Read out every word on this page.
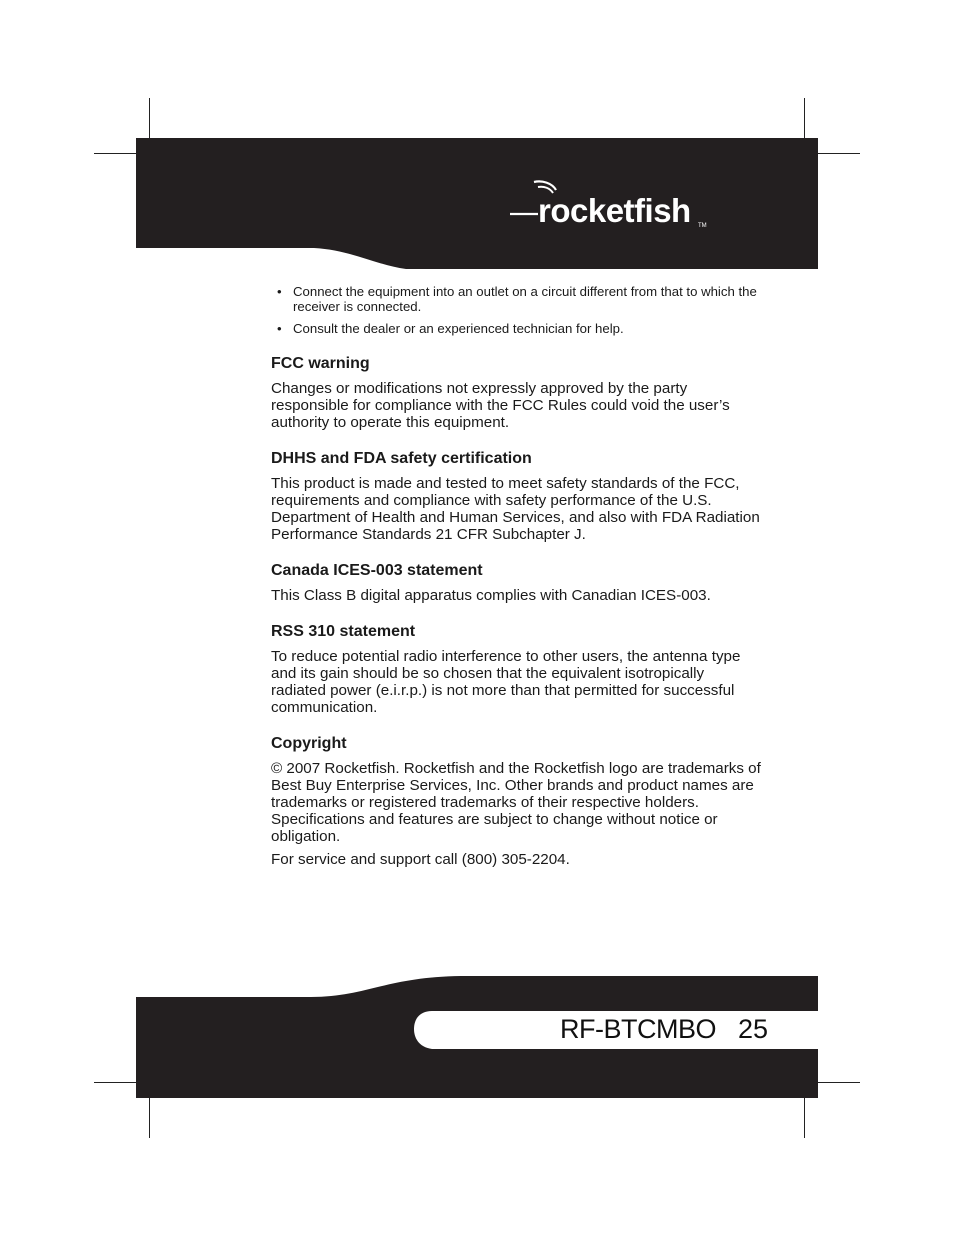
rocketfish TM
• Connect the equipment into an outlet on a circuit different from that to which the receiver is connected.
• Consult the dealer or an experienced technician for help.
FCC warning

Changes or modifications not expressly approved by the party responsible for compliance with the FCC Rules could void the user’s authority to operate this equipment.

DHHS and FDA safety certification

This product is made and tested to meet safety standards of the FCC, requirements and compliance with safety performance of the U.S. Department of Health and Human Services, and also with FDA Radiation Performance Standards 21 CFR Subchapter J.

Canada ICES-003 statement

This Class B digital apparatus complies with Canadian ICES-003.

RSS 310 statement

To reduce potential radio interference to other users, the antenna type and its gain should be so chosen that the equivalent isotropically radiated power (e.i.r.p.) is not more than that permitted for successful communication.

Copyright

© 2007 Rocketfish. Rocketfish and the Rocketfish logo are trademarks of Best Buy Enterprise Services, Inc. Other brands and product names are trademarks or registered trademarks of their respective holders. Specifications and features are subject to change without notice or obligation.

For service and support call (800) 305-2204.

RF-BTCMBO 25
